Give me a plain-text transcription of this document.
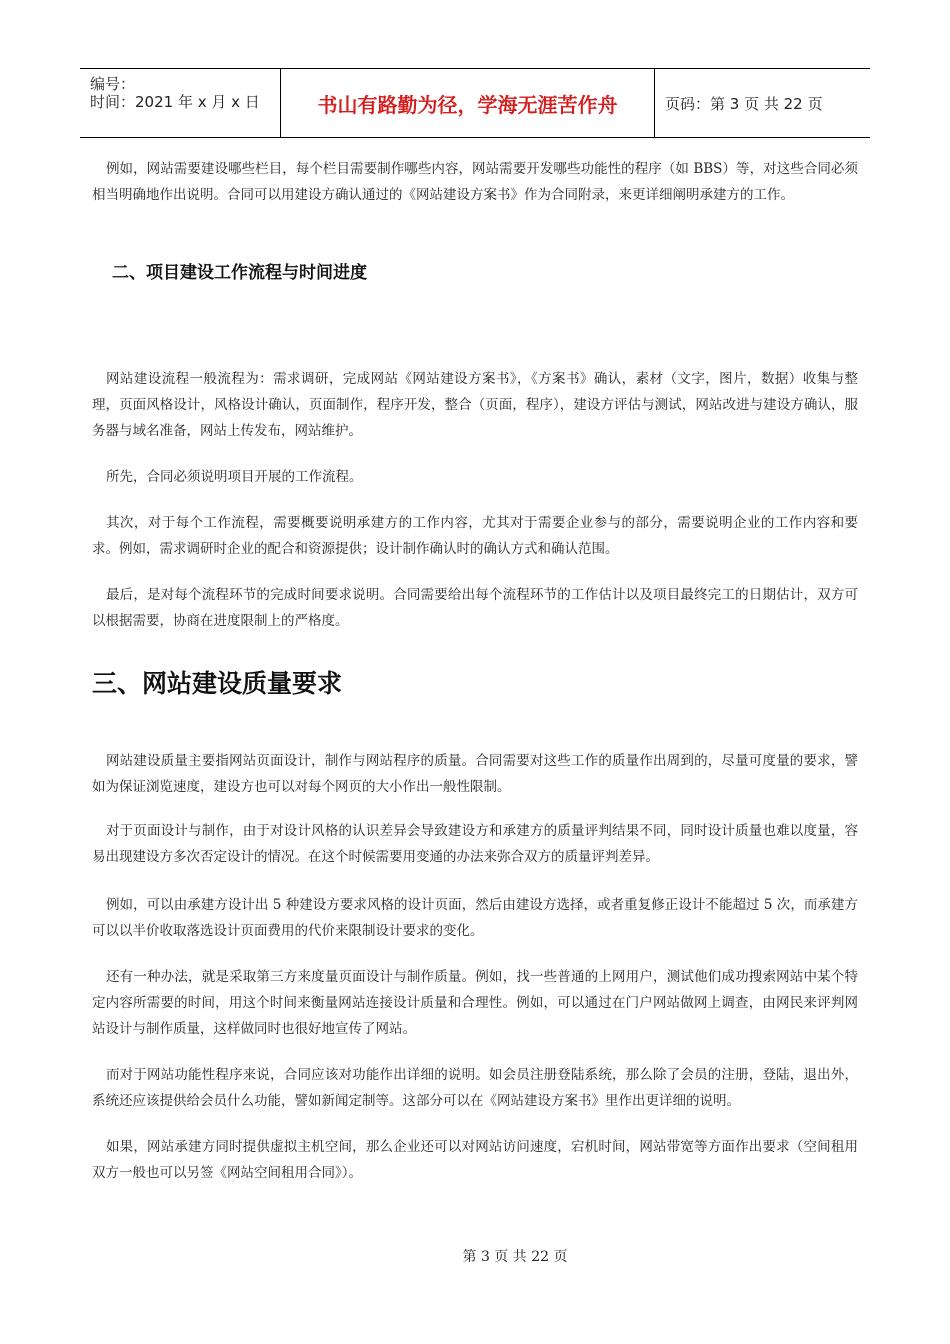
编号：
时间：2021 年 x 月 x 日	书山有路勤为径，学海无涯苦作舟	页码：第 3 页 共 22 页
例如，网站需要建设哪些栏目，每个栏目需要制作哪些内容，网站需要开发哪些功能性的程序（如 BBS）等，对这些合同必须相当明确地作出说明。合同可以用建设方确认通过的《网站建设方案书》作为合同附录，来更详细阐明承建方的工作。
二、项目建设工作流程与时间进度
网站建设流程一般流程为：需求调研，完成网站《网站建设方案书》，《方案书》确认，素材（文字，图片，数据）收集与整理，页面风格设计，风格设计确认，页面制作，程序开发，整合（页面，程序），建设方评估与测试，网站改进与建设方确认，服务器与域名准备，网站上传发布，网站维护。
所先，合同必须说明项目开展的工作流程。
其次，对于每个工作流程，需要概要说明承建方的工作内容，尤其对于需要企业参与的部分，需要说明企业的工作内容和要求。例如，需求调研时企业的配合和资源提供；设计制作确认时的确认方式和确认范围。
最后，是对每个流程环节的完成时间要求说明。合同需要给出每个流程环节的工作估计以及项目最终完工的日期估计，双方可以根据需要，协商在进度限制上的严格度。
三、网站建设质量要求
网站建设质量主要指网站页面设计，制作与网站程序的质量。合同需要对这些工作的质量作出周到的，尽量可度量的要求，譬如为保证浏览速度，建设方也可以对每个网页的大小作出一般性限制。
对于页面设计与制作，由于对设计风格的认识差异会导致建设方和承建方的质量评判结果不同，同时设计质量也难以度量，容易出现建设方多次否定设计的情况。在这个时候需要用变通的办法来弥合双方的质量评判差异。
例如，可以由承建方设计出 5 种建设方要求风格的设计页面，然后由建设方选择，或者重复修正设计不能超过 5 次，而承建方可以以半价收取落选设计页面费用的代价来限制设计要求的变化。
还有一种办法，就是采取第三方来度量页面设计与制作质量。例如，找一些普通的上网用户，测试他们成功搜索网站中某个特定内容所需要的时间，用这个时间来衡量网站连接设计质量和合理性。例如，可以通过在门户网站做网上调查，由网民来评判网站设计与制作质量，这样做同时也很好地宣传了网站。
而对于网站功能性程序来说，合同应该对功能作出详细的说明。如会员注册登陆系统，那么除了会员的注册，登陆，退出外，系统还应该提供给会员什么功能，譬如新闻定制等。这部分可以在《网站建设方案书》里作出更详细的说明。
如果，网站承建方同时提供虚拟主机空间，那么企业还可以对网站访问速度，宕机时间，网站带宽等方面作出要求（空间租用双方一般也可以另签《网站空间租用合同》）。
第 3 页 共 22 页
